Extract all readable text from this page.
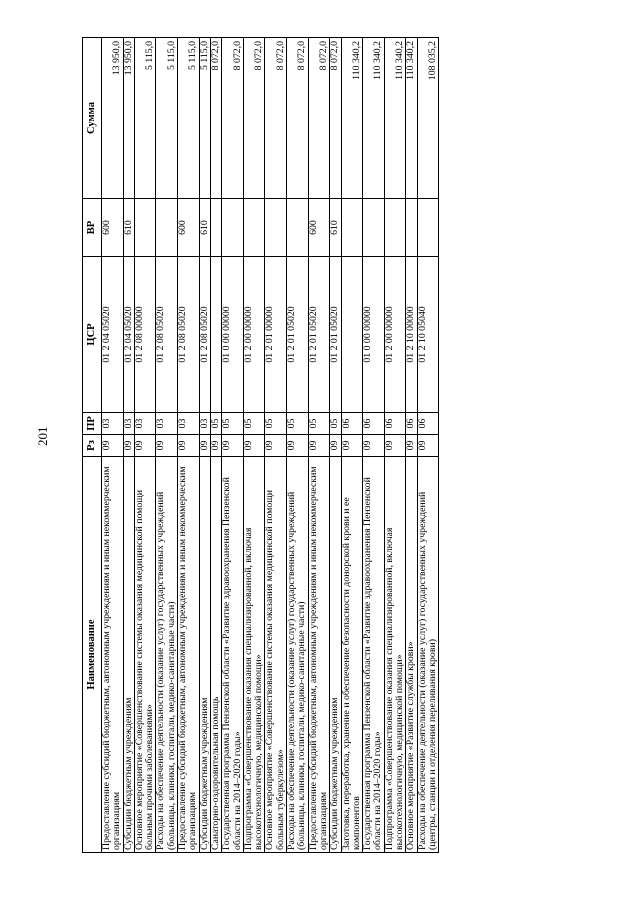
201
Наименование	Рз	ПР	ЦСР	ВР	Сумма
Предоставление субсидий бюджетным, автономным учреждениям и иным некоммерческим организациям	09	03	01 2 04 05020	600	13 950,0
Субсидии бюджетным учреждениям	09	03	01 2 04 05020	610	13 950,0
Основное мероприятие «Совершенствование системы оказания медицинской помощи больным прочими заболеваниями»	09	03	01 2 08 00000		5 115,0
Расходы на обеспечение деятельности (оказание услуг) государственных учреждений (больницы, клиники, госпитали, медико-санитарные части)	09	03	01 2 08 05020		5 115,0
Предоставление субсидий бюджетным, автономным учреждениям и иным некоммерческим организациям	09	03	01 2 08 05020	600	5 115,0
Субсидии бюджетным учреждениям	09	03	01 2 08 05020	610	5 115,0
Санаторно-оздоровительная помощь	09	05			8 072,0
Государственная программа Пензенской области «Развитие здравоохранения Пензенской области на 2014–2020 годы»	09	05	01 0 00 00000		8 072,0
Подпрограмма «Совершенствование оказания специализированной, включая высокотехнологичную, медицинской помощи»	09	05	01 2 00 00000		8 072,0
Основное мероприятие «Совершенствование системы оказания медицинской помощи больным туберкулезом»	09	05	01 2 01 00000		8 072,0
Расходы на обеспечение деятельности (оказание услуг) государственных учреждений (больницы, клиники, госпитали, медико-санитарные части)	09	05	01 2 01 05020		8 072,0
Предоставление субсидий бюджетным, автономным учреждениям и иным некоммерческим организациям	09	05	01 2 01 05020	600	8 072,0
Субсидии бюджетным учреждениям	09	05	01 2 01 05020	610	8 072,0
Заготовка, переработка, хранение и обеспечение безопасности донорской крови и ее компонентов	09	06			110 340,2
Государственная программа Пензенской области «Развитие здравоохранения Пензенской области на 2014–2020 годы»	09	06	01 0 00 00000		110 340,2
Подпрограмма «Совершенствование оказания специализированной, включая высокотехнологичную, медицинской помощи»	09	06	01 2 00 00000		110 340,2
Основное мероприятие «Развитие службы крови»	09	06	01 2 10 00000		110 340,2
Расходы на обеспечение деятельности (оказание услуг) государственных учреждений (центры, станции и отделения переливания крови)	09	06	01 2 10 05040		108 035,2
